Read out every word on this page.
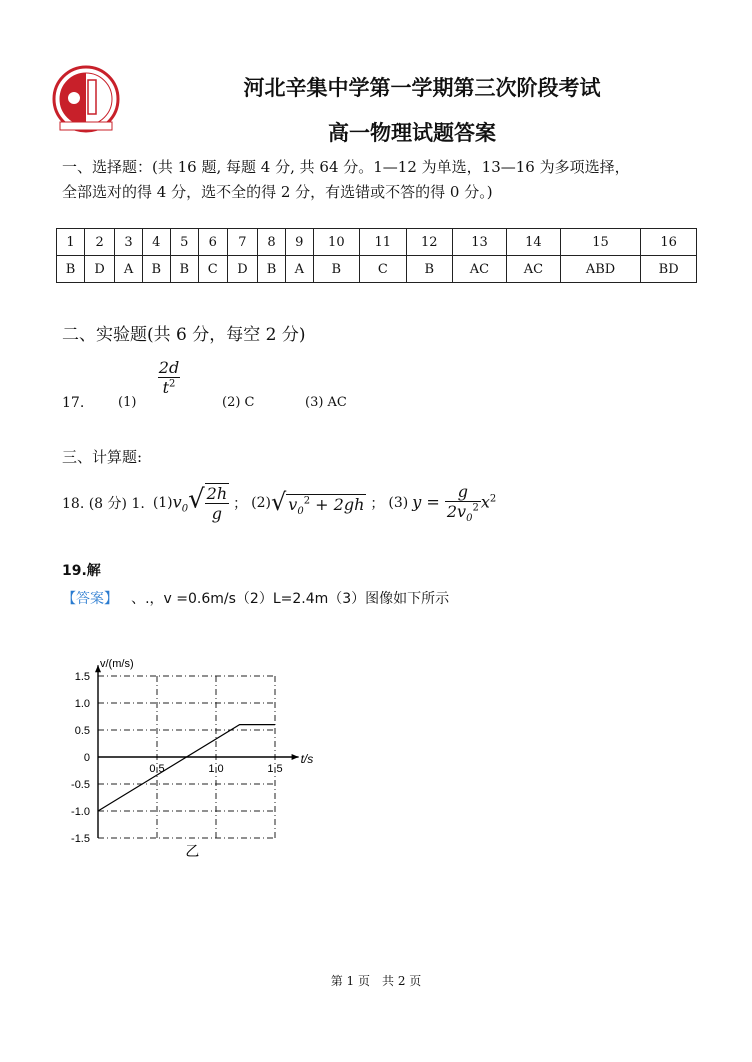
河北辛集中学第一学期第三次阶段考试
高一物理试题答案
一、选择题：(共 16 题, 每题 4 分, 共 64 分。1—12 为单选，13—16 为多项选择，
全部选对的得 4 分，选不全的得 2 分，有选错或不答的得 0 分。)
1	2	3	4	5	6	7	8	9	10	11	12	13	14	15	16
B	D	A	B	B	C	D	B	A	B	C	B	AC	AC	ABD	BD
二、实验题(共 6 分，每空 2 分)
17.	(1)
$\frac{2d}{t^2}$
(2) C	(3) AC
三、计算题:
18. (8 分) 1. (1) $v_0√ \frac{2h}{g}$ ； (2) √ $v_0^2 + 2gh$ ； (3) $y = \frac{g}{2v_0^2} x^2$
19.解
【答案】 、.，v =0.6m/s（2）L=2.4m（3）图像如下所示
v/(m/s)
t/s
1.5
1.0
0.5
0
-0.5
-1.0
-1.5
0.5	1.0	1.5
乙
第 1 页　共 2 页
